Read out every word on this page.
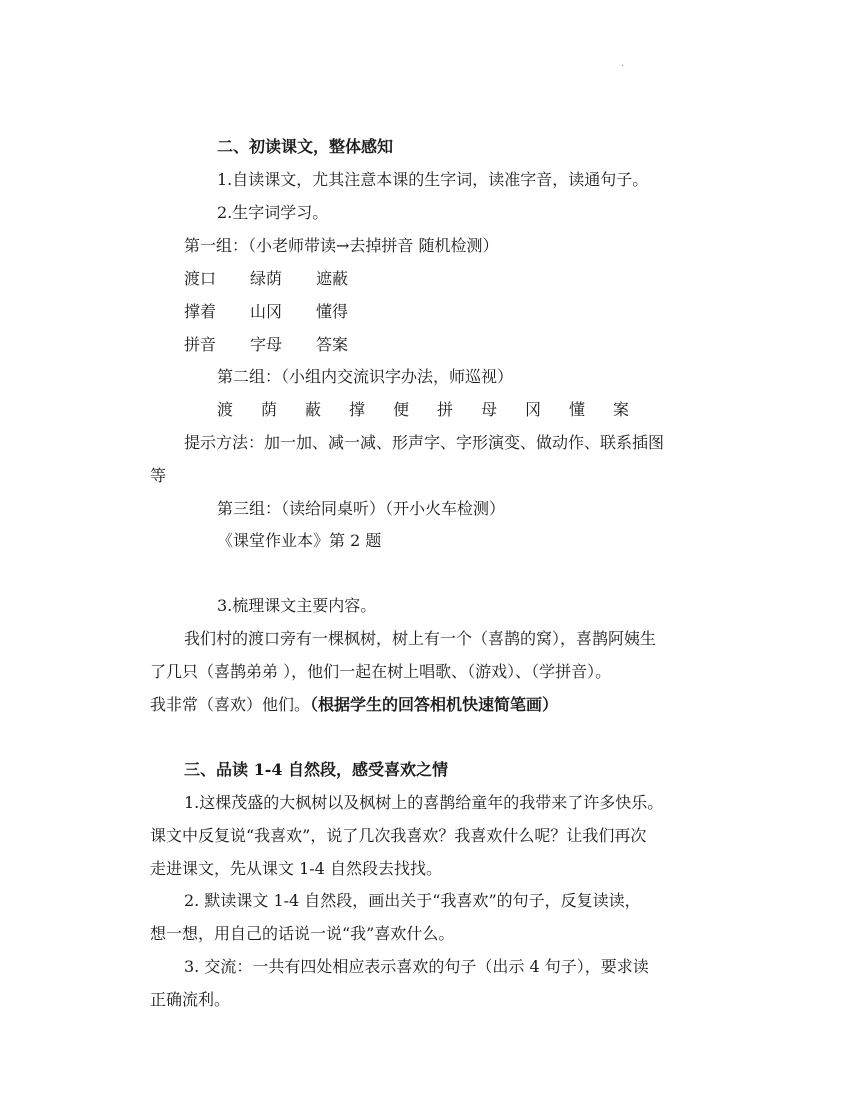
.
二、初读课文，整体感知
1.自读课文，尤其注意本课的生字词，读准字音，读通句子。
2.生字词学习。
第一组：（小老师带读→去掉拼音 随机检测）
渡口 绿荫 遮蔽
撑着 山冈 懂得
拼音 字母 答案
第二组：（小组内交流识字办法，师巡视）
渡 荫 蔽 撑 便 拼 母 冈 懂 案
提示方法：加一加、减一减、形声字、字形演变、做动作、联系插图
等
第三组：（读给同桌听）（开小火车检测）
《课堂作业本》第 2 题
3.梳理课文主要内容。
我们村的渡口旁有一棵枫树，树上有一个（喜鹊的窝），喜鹊阿姨生
了几只（喜鹊弟弟 ），他们一起在树上唱歌、（游戏）、（学拼音）。
我非常（喜欢）他们。（根据学生的回答相机快速简笔画）
三、品读 1-4 自然段，感受喜欢之情
1.这棵茂盛的大枫树以及枫树上的喜鹊给童年的我带来了许多快乐。
课文中反复说“我喜欢”，说了几次我喜欢？我喜欢什么呢？让我们再次
走进课文，先从课文 1-4 自然段去找找。
2. 默读课文 1-4 自然段，画出关于“我喜欢”的句子，反复读读，
想一想，用自己的话说一说“我”喜欢什么。
3. 交流：一共有四处相应表示喜欢的句子（出示 4 句子），要求读
正确流利。
